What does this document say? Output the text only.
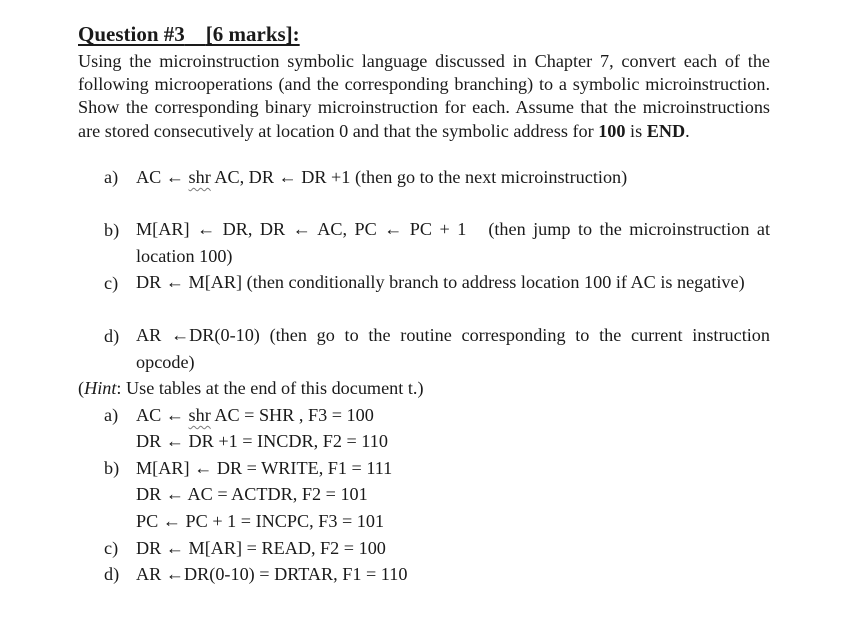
Question #3 [6 marks]:
Using the microinstruction symbolic language discussed in Chapter 7, convert each of the following microoperations (and the corresponding branching) to a symbolic microinstruction. Show the corresponding binary microinstruction for each. Assume that the microinstructions are stored consecutively at location 0 and that the symbolic address for 100 is END.
a) AC ← shr AC, DR ← DR +1 (then go to the next microinstruction)
b) M[AR] ← DR, DR ← AC, PC ← PC + 1 (then jump to the microinstruction at location 100)
c) DR ← M[AR] (then conditionally branch to address location 100 if AC is negative)
d) AR ←DR(0-10) (then go to the routine corresponding to the current instruction opcode)
(Hint: Use tables at the end of this document t.)
a) AC ← shr AC = SHR , F3 = 100
DR ← DR +1 = INCDR, F2 = 110
b) M[AR] ← DR = WRITE, F1 = 111
DR ← AC = ACTDR, F2 = 101
PC ← PC + 1 = INCPC, F3 = 101
c) DR ← M[AR] = READ, F2 = 100
d) AR ←DR(0-10) = DRTAR, F1 = 110
